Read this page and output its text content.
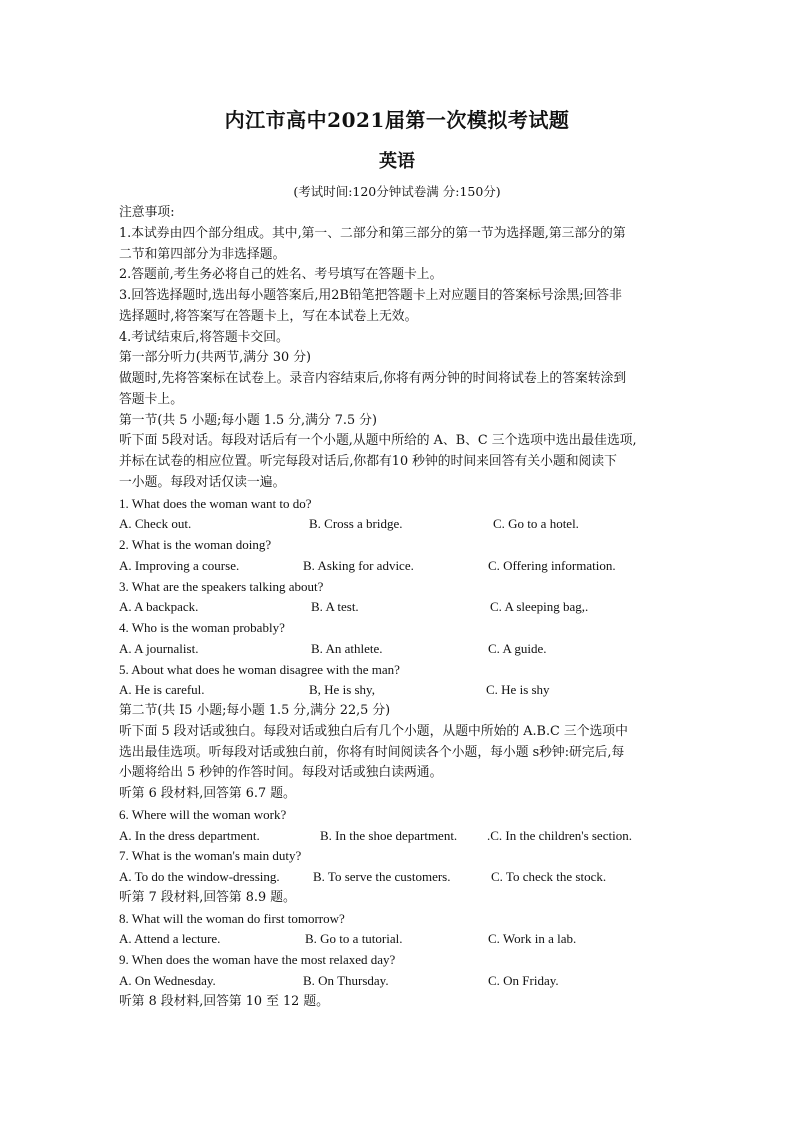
内江市高中2021届第一次模拟考试题
英语
(考试时间:120分钟试卷满 分:150分)
注意事项:
1.本试券由四个部分组成。其中,第一、二部分和第三部分的第一节为选择题,第三部分的第
二节和第四部分为非选择题。
2.答题前,考生务必将自己的姓名、考号填写在答题卡上。
3.回答选择题时,选出每小题答案后,用2B铅笔把答题卡上对应题目的答案标号涂黑;回答非
选择题时,将答案写在答题卡上，写在本试卷上无效。
4.考试结束后,将答题卡交回。
第一部分听力(共两节,满分 30 分)
做题时,先将答案标在试卷上。录音内容结束后,你将有两分钟的时间将试卷上的答案转涂到
答题卡上。
第一节(共 5 小题;每小题 1.5 分,满分 7.5 分)
听下面 5段对话。每段对话后有一个小题,从题中所给的 A、B、C 三个选项中选出最佳选项,
并标在试卷的相应位置。听完每段对话后,你都有10 秒钟的时间来回答有关小题和阅读下
一小题。每段对话仅读一遍。
1. What does the woman want to do?
A. Check out.	B. Cross a bridge.	C. Go to a hotel.
2. What is the woman doing?
A. Improving a course.	B. Asking for advice.	C. Offering information.
3. What are the speakers talking about?
A. A backpack.	B. A test.	C. A sleeping bag,.
4. Who is the woman probably?
A. A journalist.	B. An athlete.	C. A guide.
5. About what does he woman disagree with the man?
A. He is careful.	B, He is shy,	C. He is shy
第二节(共 I5 小题;每小题 1.5 分,满分 22,5 分)
听下面 5 段对话或独白。每段对话或独白后有几个小题，从题中所始的 A.B.C 三个选项中
选出最佳选项。听每段对话或独白前，你将有时间阅读各个小题，每小题 s秒钟:研完后,每
小题将给出 5 秒钟的作答时间。每段对话或独白读两通。
听第 6 段材料,回答第 6.7 题。
6. Where will the woman work?
A. In the dress department.	B. In the shoe department. .C. In the children's section.
7. What is the woman's main duty?
A. To do the window-dressing.	B. To serve the customers.	C. To check the stock.
听第 7 段材料,回答第 8.9 题。
8. What will the woman do first tomorrow?
A. Attend a lecture.	B. Go to a tutorial.	C. Work in a lab.
9. When does the woman have the most relaxed day?
A. On Wednesday.	B. On Thursday.	C. On Friday.
听第 8 段材料,回答第 10 至 12 题。
